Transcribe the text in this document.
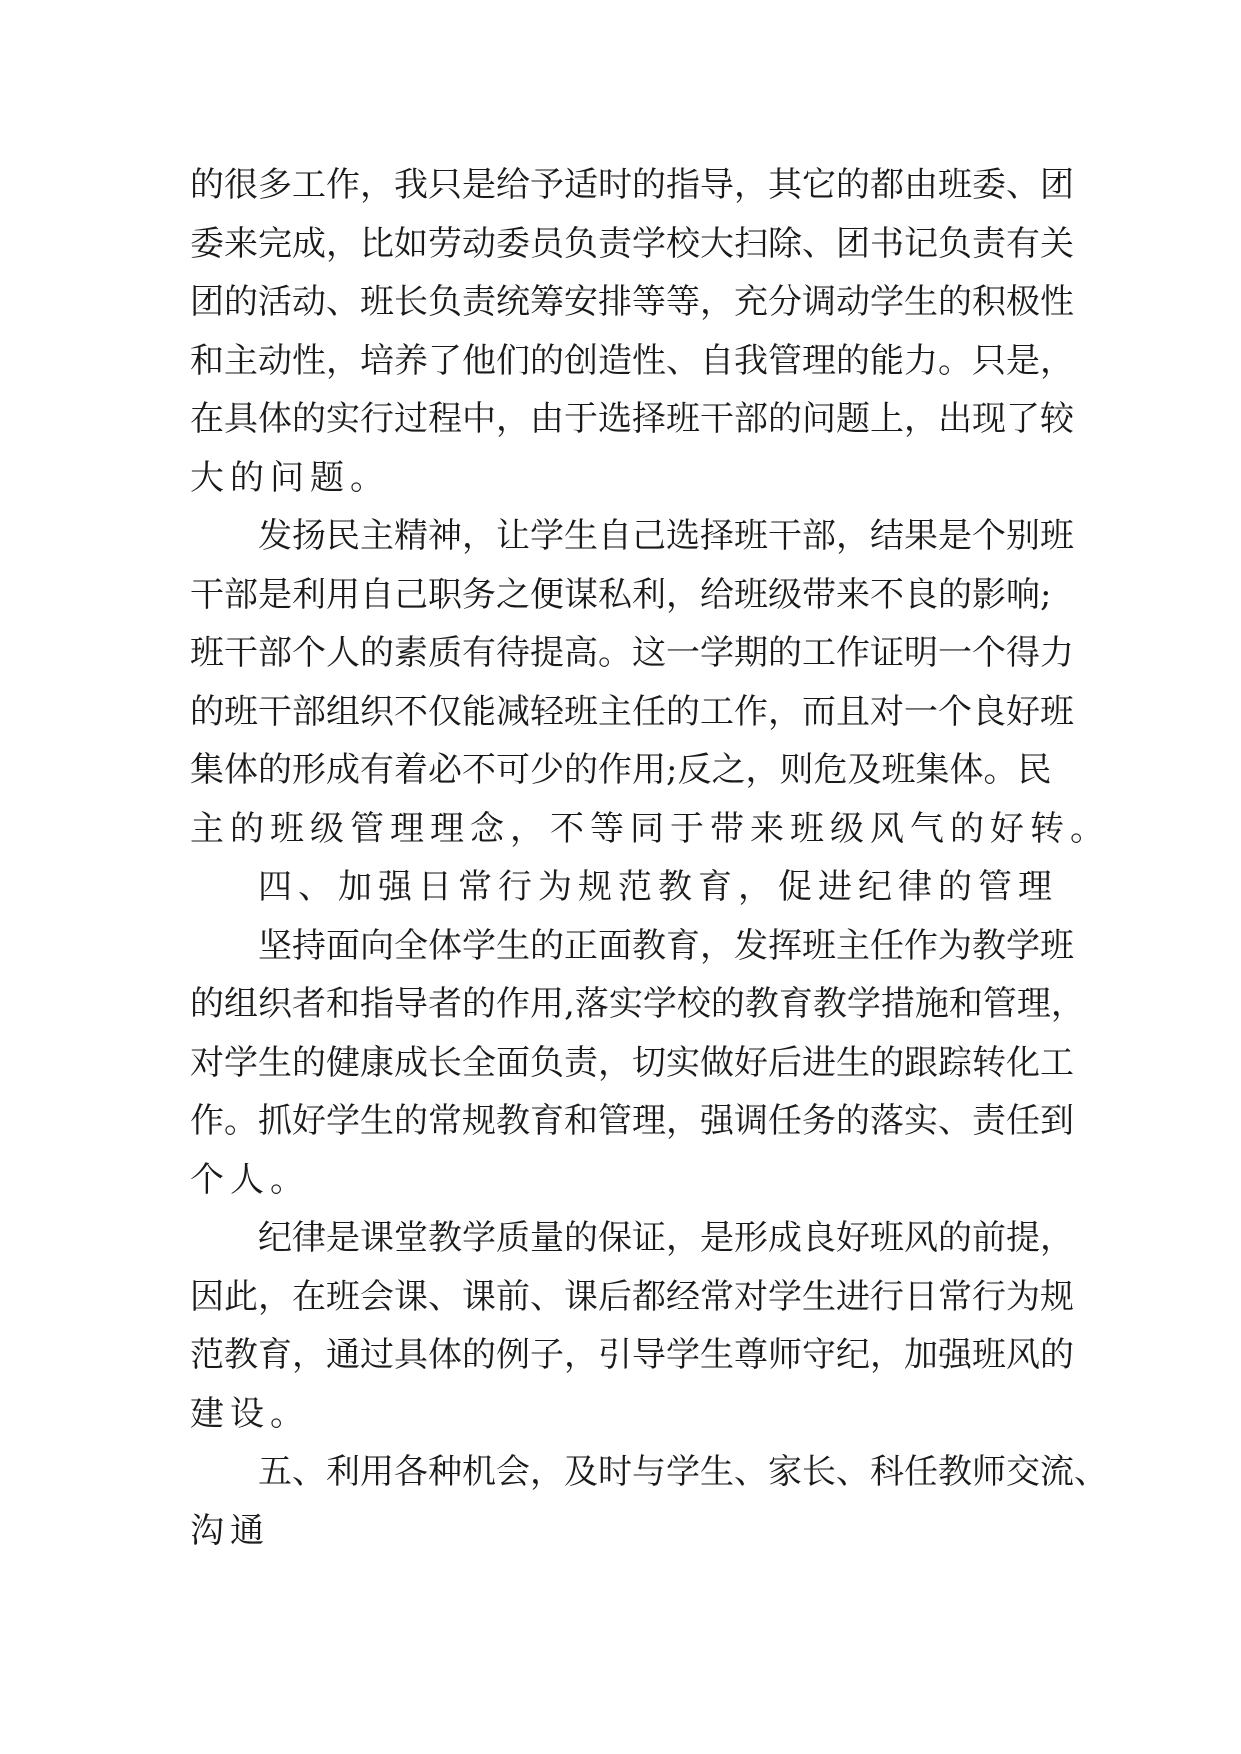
的 很 多 工 作 ， 我 只 是 给 予 适 时 的 指 导 ， 其 它 的 都 由 班 委 、 团
委 来 完 成 ， 比 如 劳 动 委 员 负 责 学 校 大 扫 除 、 团 书 记 负 责 有 关
团 的 活 动 、 班 长 负 责 统 筹 安 排 等 等 ， 充 分 调 动 学 生 的 积 极 性
和 主 动 性 ， 培 养 了 他 们 的 创 造 性 、 自 我 管 理 的 能 力 。 只 是 ，
在 具 体 的 实 行 过 程 中 ， 由 于 选 择 班 干 部 的 问 题 上 ， 出 现 了 较
大的问题。
发 扬 民 主 精 神 ， 让 学 生 自 己 选 择 班 干 部 ， 结 果 是 个 别 班
干 部 是 利 用 自 己 职 务 之 便 谋 私 利 ， 给 班 级 带 来 不 良 的 影 响 ;
班 干 部 个 人 的 素 质 有 待 提 高 。 这 一 学 期 的 工 作 证 明 一 个 得 力
的 班 干 部 组 织 不 仅 能 减 轻 班 主 任 的 工 作 ， 而 且 对 一 个 良 好 班
集 体 的 形 成 有 着 必 不 可 少 的 作 用 ; 反 之 ， 则 危 及 班 集 体 。 民
主的班级管理理念，不等同于带来班级风气的好转。
四、加强日常行为规范教育，促进纪律的管理
坚 持 面 向 全 体 学 生 的 正 面 教 育 ， 发 挥 班 主 任 作 为 教 学 班
的 组 织 者 和 指 导 者 的 作 用 , 落 实 学 校 的 教 育 教 学 措 施 和 管 理 ，
对 学 生 的 健 康 成 长 全 面 负 责 ， 切 实 做 好 后 进 生 的 跟 踪 转 化 工
作 。 抓 好 学 生 的 常 规 教 育 和 管 理 ， 强 调 任 务 的 落 实 、 责 任 到
个人。
纪 律 是 课 堂 教 学 质 量 的 保 证 ， 是 形 成 良 好 班 风 的 前 提 ，
因 此 ， 在 班 会 课 、 课 前 、 课 后 都 经 常 对 学 生 进 行 日 常 行 为 规
范 教 育 ， 通 过 具 体 的 例 子 ， 引 导 学 生 尊 师 守 纪 ， 加 强 班 风 的
建设。
五 、 利 用 各 种 机 会 ， 及 时 与 学 生 、 家 长 、 科 任 教 师 交 流 、
沟通
